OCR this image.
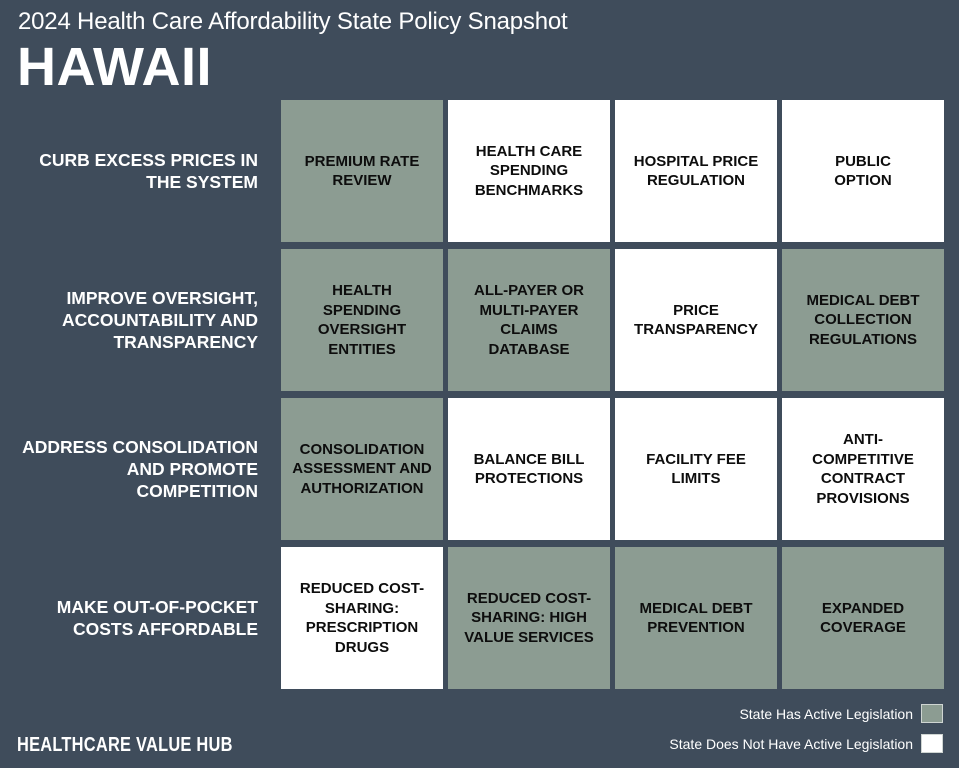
2024 Health Care Affordability State Policy Snapshot
HAWAII
CURB EXCESS PRICES IN THE SYSTEM
IMPROVE OVERSIGHT, ACCOUNTABILITY AND TRANSPARENCY
ADDRESS CONSOLIDATION AND PROMOTE COMPETITION
MAKE OUT-OF-POCKET COSTS AFFORDABLE
PREMIUM RATE REVIEW
HEALTH CARE SPENDING BENCHMARKS
HOSPITAL PRICE REGULATION
PUBLIC OPTION
HEALTH SPENDING OVERSIGHT ENTITIES
ALL-PAYER OR MULTI-PAYER CLAIMS DATABASE
PRICE TRANSPARENCY
MEDICAL DEBT COLLECTION REGULATIONS
CONSOLIDATION ASSESSMENT AND AUTHORIZATION
BALANCE BILL PROTECTIONS
FACILITY FEE LIMITS
ANTI-COMPETITIVE CONTRACT PROVISIONS
REDUCED COST-SHARING: PRESCRIPTION DRUGS
REDUCED COST-SHARING: HIGH VALUE SERVICES
MEDICAL DEBT PREVENTION
EXPANDED COVERAGE
HEALTHCARE VALUE HUB
State Has Active Legislation
State Does Not Have Active Legislation
